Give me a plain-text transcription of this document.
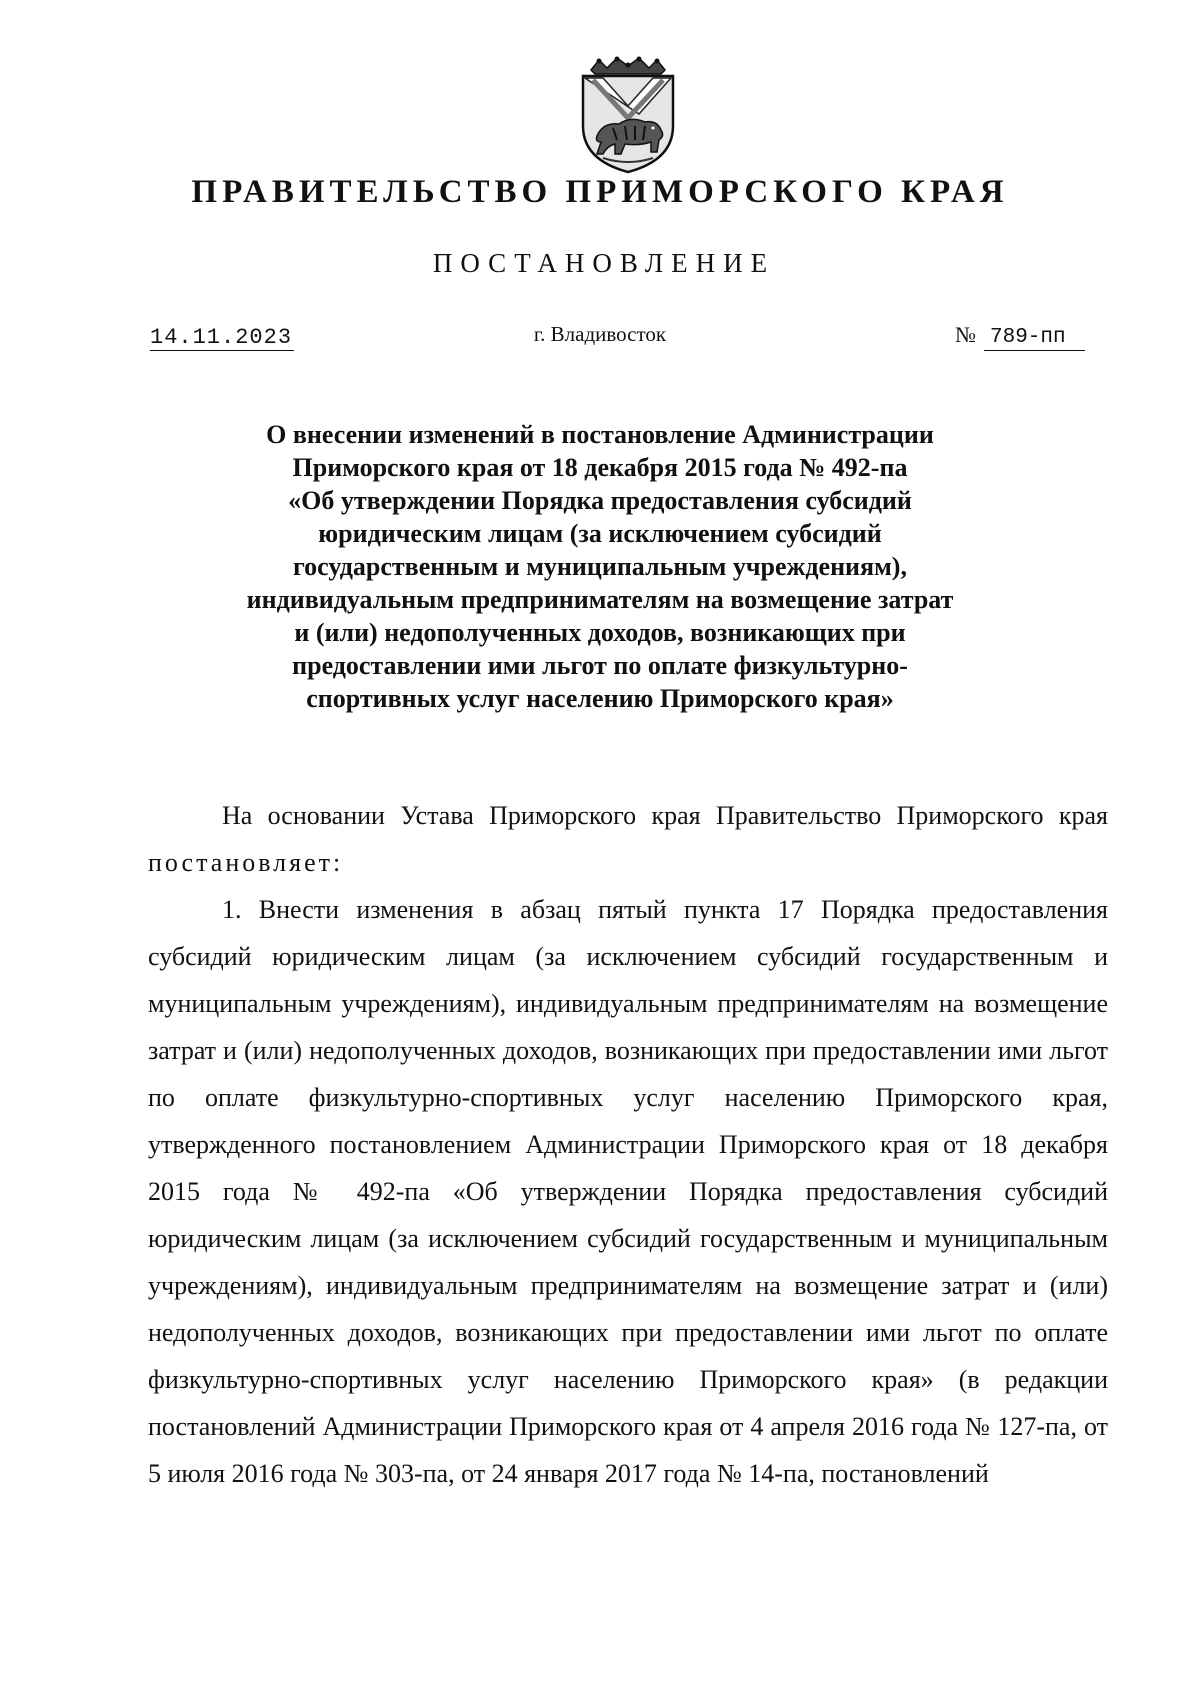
ПРАВИТЕЛЬСТВО ПРИМОРСКОГО КРАЯ
ПОСТАНОВЛЕНИЕ
14.11.2023	г. Владивосток	№ 789-пп
О внесении изменений в постановление Администрации
Приморского края от 18 декабря 2015 года № 492-па
«Об утверждении Порядка предоставления субсидий
юридическим лицам (за исключением субсидий
государственным и муниципальным учреждениям),
индивидуальным предпринимателям на возмещение затрат
и (или) недополученных доходов, возникающих при
предоставлении ими льгот по оплате физкультурно-
спортивных услуг населению Приморского края»

На основании Устава Приморского края Правительство Приморского края постановляет:

1. Внести изменения в абзац пятый пункта 17 Порядка предоставления субсидий юридическим лицам (за исключением субсидий государственным и муниципальным учреждениям), индивидуальным предпринимателям на возмещение затрат и (или) недополученных доходов, возникающих при предоставлении ими льгот по оплате физкультурно-спортивных услуг населению Приморского края, утвержденного постановлением Администрации Приморского края от 18 декабря 2015 года № 492-па «Об утверждении Порядка предоставления субсидий юридическим лицам (за исключением субсидий государственным и муниципальным учреждениям), индивидуальным предпринимателям на возмещение затрат и (или) недополученных доходов, возникающих при предоставлении ими льгот по оплате физкультурно-спортивных услуг населению Приморского края» (в редакции постановлений Администрации Приморского края от 4 апреля 2016 года № 127-па, от 5 июля 2016 года № 303-па, от 24 января 2017 года № 14-па, постановлений
